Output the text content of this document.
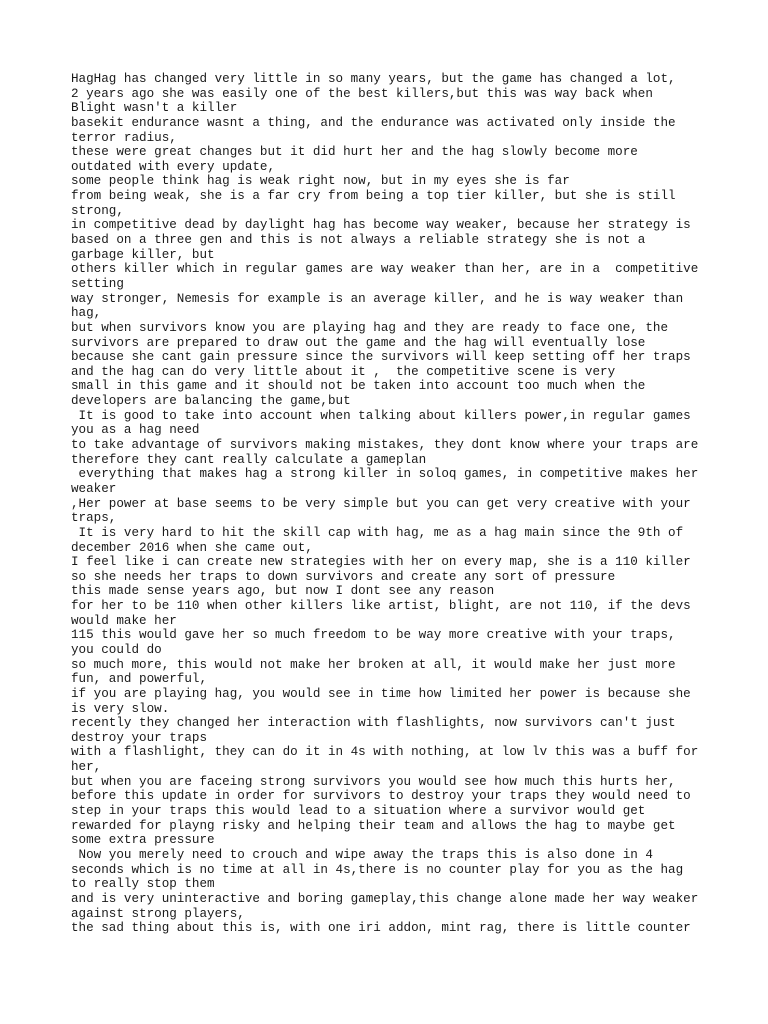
HagHag has changed very little in so many years, but the game has changed a lot,
2 years ago she was easily one of the best killers,but this was way back when
Blight wasn't a killer
basekit endurance wasnt a thing, and the endurance was activated only inside the
terror radius,
these were great changes but it did hurt her and the hag slowly become more
outdated with every update,
some people think hag is weak right now, but in my eyes she is far
from being weak, she is a far cry from being a top tier killer, but she is still
strong,
in competitive dead by daylight hag has become way weaker, because her strategy is
based on a three gen and this is not always a reliable strategy she is not a
garbage killer, but
others killer which in regular games are way weaker than her, are in a  competitive
setting
way stronger, Nemesis for example is an average killer, and he is way weaker than
hag,
but when survivors know you are playing hag and they are ready to face one, the
survivors are prepared to draw out the game and the hag will eventually lose
because she cant gain pressure since the survivors will keep setting off her traps
and the hag can do very little about it ,  the competitive scene is very
small in this game and it should not be taken into account too much when the
developers are balancing the game,but
It is good to take into account when talking about killers power,in regular games
you as a hag need
to take advantage of survivors making mistakes, they dont know where your traps are
therefore they cant really calculate a gameplan
everything that makes hag a strong killer in soloq games, in competitive makes her
weaker
,Her power at base seems to be very simple but you can get very creative with your
traps,
It is very hard to hit the skill cap with hag, me as a hag main since the 9th of
december 2016 when she came out,
I feel like i can create new strategies with her on every map, she is a 110 killer
so she needs her traps to down survivors and create any sort of pressure
this made sense years ago, but now I dont see any reason
for her to be 110 when other killers like artist, blight, are not 110, if the devs
would make her
115 this would gave her so much freedom to be way more creative with your traps,
you could do
so much more, this would not make her broken at all, it would make her just more
fun, and powerful,
if you are playing hag, you would see in time how limited her power is because she
is very slow.
recently they changed her interaction with flashlights, now survivors can't just
destroy your traps
with a flashlight, they can do it in 4s with nothing, at low lv this was a buff for
her,
but when you are faceing strong survivors you would see how much this hurts her,
before this update in order for survivors to destroy your traps they would need to
step in your traps this would lead to a situation where a survivor would get
rewarded for playng risky and helping their team and allows the hag to maybe get
some extra pressure
Now you merely need to crouch and wipe away the traps this is also done in 4
seconds which is no time at all in 4s,there is no counter play for you as the hag
to really stop them
and is very uninteractive and boring gameplay,this change alone made her way weaker
against strong players,
the sad thing about this is, with one iri addon, mint rag, there is little counter
